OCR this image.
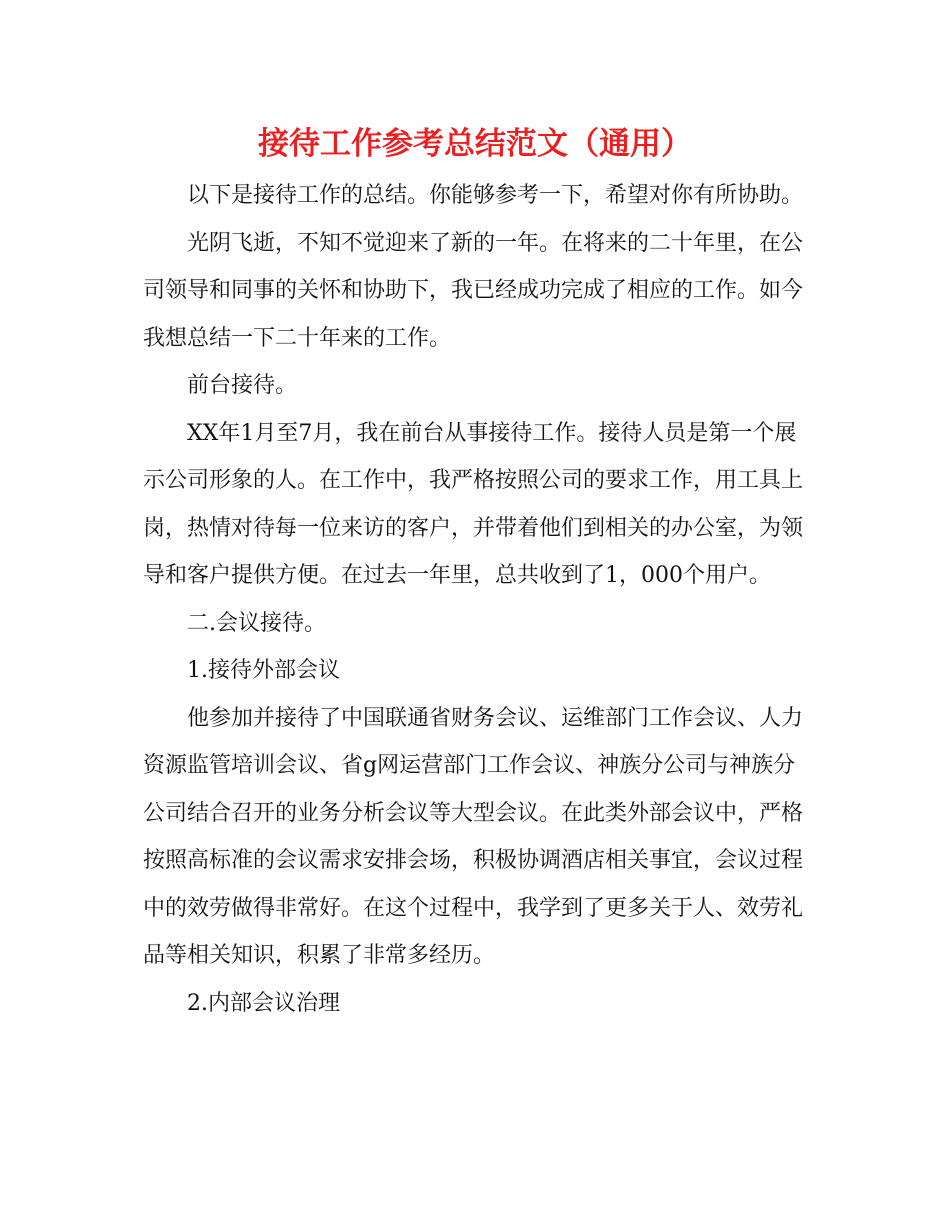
接待工作参考总结范文（通用）

以下是接待工作的总结。你能够参考一下，希望对你有所协助。

光阴飞逝，不知不觉迎来了新的一年。在将来的二十年里，在公司领导和同事的关怀和协助下，我已经成功完成了相应的工作。如今我想总结一下二十年来的工作。

前台接待。

XX年1月至7月，我在前台从事接待工作。接待人员是第一个展示公司形象的人。在工作中，我严格按照公司的要求工作，用工具上岗，热情对待每一位来访的客户，并带着他们到相关的办公室，为领导和客户提供方便。在过去一年里，总共收到了1，000个用户。

二.会议接待。

1.接待外部会议

他参加并接待了中国联通省财务会议、运维部门工作会议、人力资源监管培训会议、省g网运营部门工作会议、神族分公司与神族分公司结合召开的业务分析会议等大型会议。在此类外部会议中，严格按照高标准的会议需求安排会场，积极协调酒店相关事宜，会议过程中的效劳做得非常好。在这个过程中，我学到了更多关于人、效劳礼品等相关知识，积累了非常多经历。

2.内部会议治理
